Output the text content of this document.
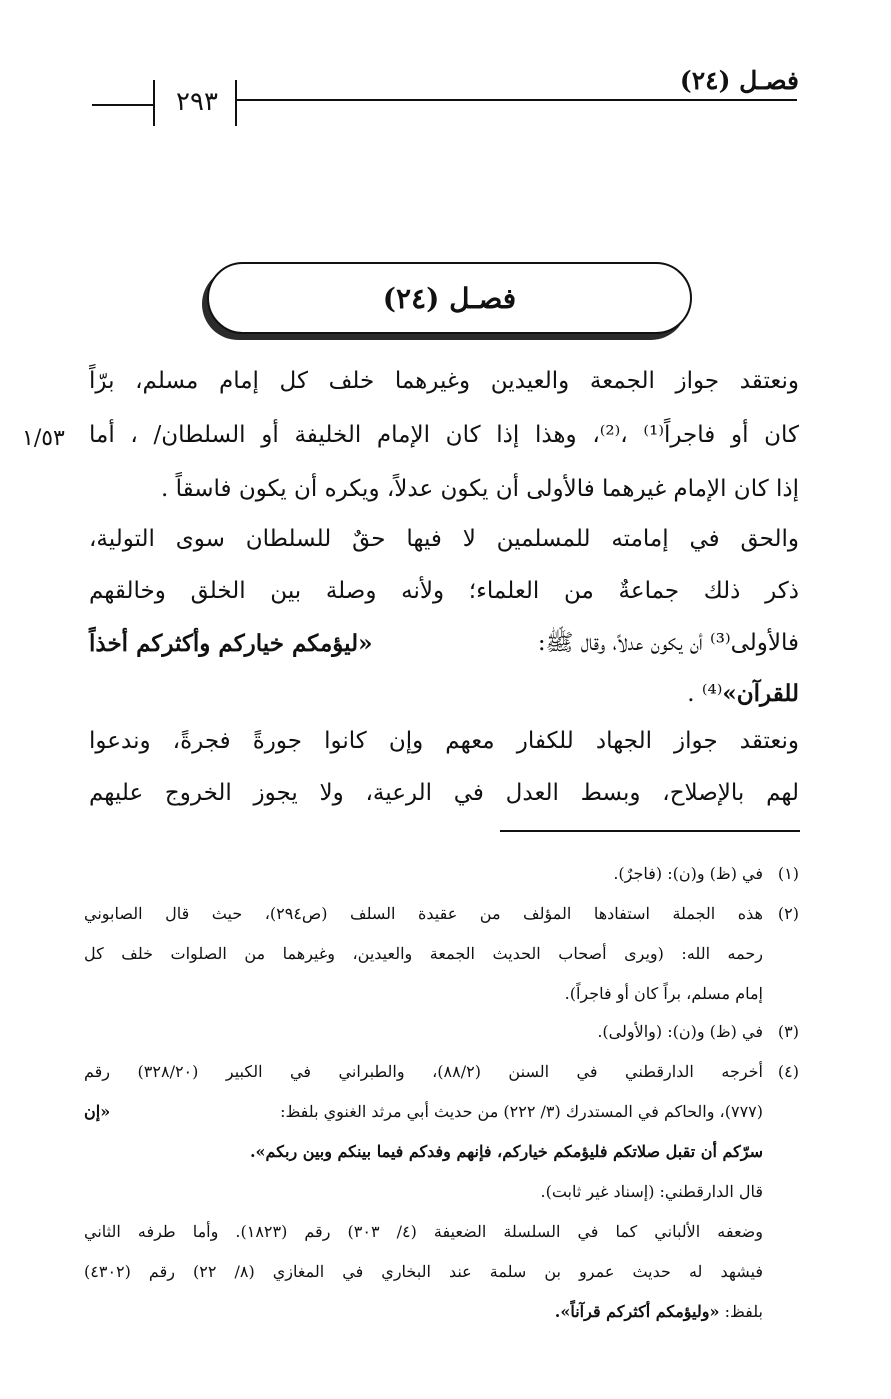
فصـل (٢٤)
٢٩٣
فصـل (٢٤)
١/٥٣
ونعتقد جواز الجمعة والعيدين وغيرهما خلف كل إمام مسلم، برّاً
كان أو فاجراً⁽¹⁾ ،⁽²⁾، وهذا إذا كان الإمام الخليفة أو السلطان/ ، أما
إذا كان الإمام غيرهما فالأولى أن يكون عدلاً، ويكره أن يكون فاسقاً .
والحق في إمامته للمسلمين لا فيها حقٌ للسلطان سوى التولية،
ذكر ذلك جماعةٌ من العلماء؛ ولأنه وصلة بين الخلق وخالقهم
فالأولى⁽³⁾ أن يكون عدلاً، وقال ﷺ:
«ليؤمكم خياركم وأكثركم أخذاً
للقرآن»⁽⁴⁾ .
ونعتقد جواز الجهاد للكفار معهم وإن كانوا جورةً فجرةً، وندعوا
لهم بالإصلاح، وبسط العدل في الرعية، ولا يجوز الخروج عليهم
(١)
(٢)
(٣)
(٤)
في (ظ) و(ن): (فاجرٌ).
هذه الجملة استفادها المؤلف من عقيدة السلف (ص٢٩٤)، حيث قال الصابوني
رحمه الله: (ويرى أصحاب الحديث الجمعة والعيدين، وغيرهما من الصلوات خلف كل
إمام مسلم، براً كان أو فاجراً).
في (ظ) و(ن): (والأولى).
أخرجه الدارقطني في السنن (٨٨/٢)، والطبراني في الكبير (٣٢٨/٢٠) رقم
(٧٧٧)، والحاكم في المستدرك (٣/ ٢٢٢) من حديث أبي مرثد الغنوي بلفظ:
«إن
سرّكم أن تقبل صلاتكم فليؤمكم خياركم، فإنهم وفدكم فيما بينكم وبين ربكم».
قال الدارقطني: (إسناد غير ثابت).
وضعفه الألباني كما في السلسلة الضعيفة (٤/ ٣٠٣) رقم (١٨٢٣). وأما طرفه الثاني
فيشهد له حديث عمرو بن سلمة عند البخاري في المغازي (٨/ ٢٢) رقم (٤٣٠٢)
بلفظ: «وليؤمكم أكثركم قرآناً».
